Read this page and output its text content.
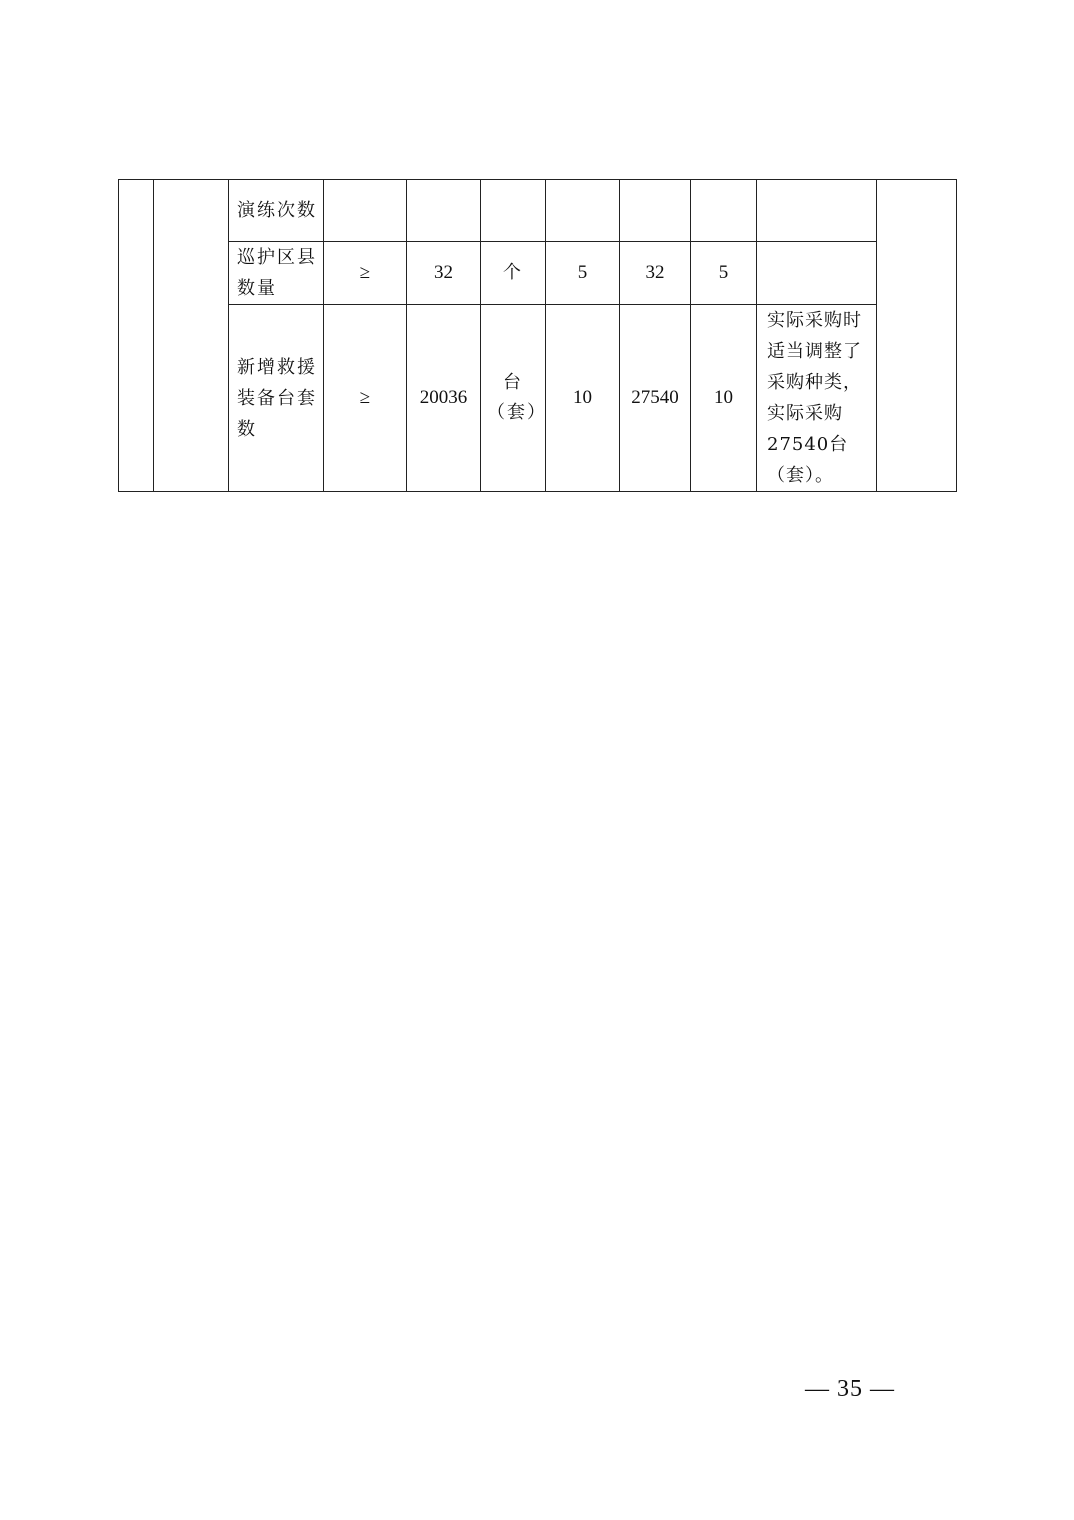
		演练次数								

		巡护区县数量	≥	32	个	5	32	5		

		新增救援装备台套数	≥	20036	台（套）	10	27540	10	实际采购时适当调整了采购种类，实际采购27540台（套）。	
— 35 —
